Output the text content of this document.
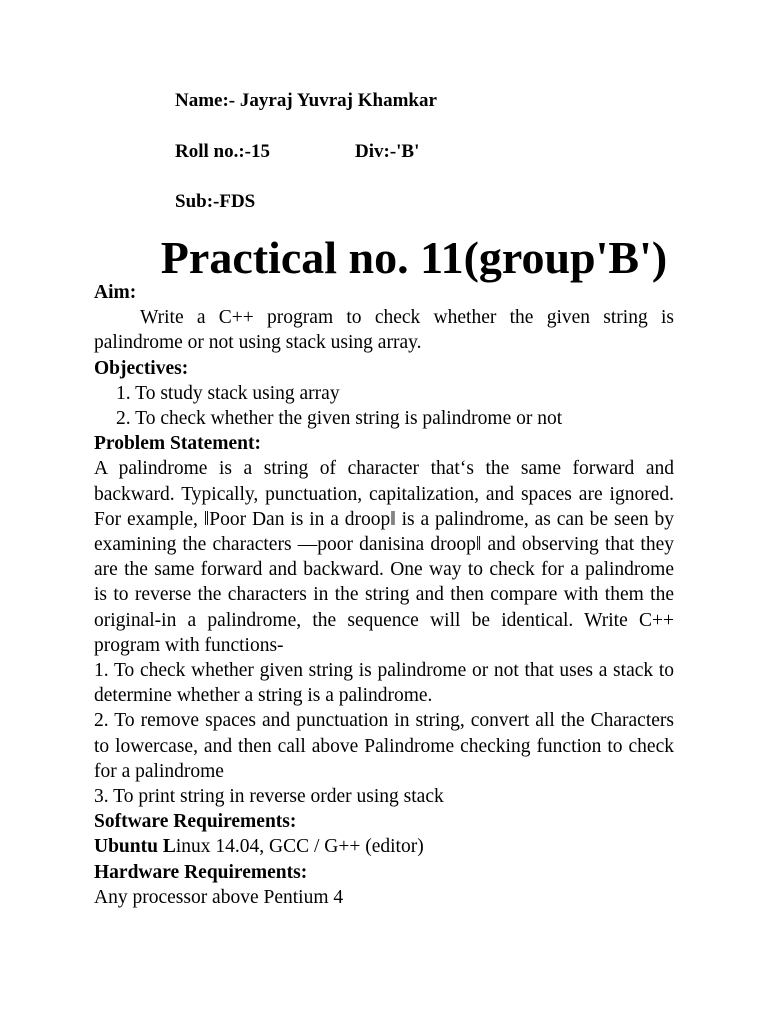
Name:- Jayraj Yuvraj Khamkar
Roll no.:-15	Div:-'B'
Sub:-FDS
Practical no. 11(group'B')

Aim:

Write a C++ program to check whether the given string is palindrome or not using stack using array.

Objectives:

1. To study stack using array

2. To check whether the given string is palindrome or not

Problem Statement:

A palindrome is a string of character that‘s the same forward and backward. Typically, punctuation, capitalization, and spaces are ignored. For example, ‖Poor Dan is in a droop‖ is a palindrome, as can be seen by examining the characters ―poor danisina droop‖ and observing that they are the same forward and backward. One way to check for a palindrome is to reverse the characters in the string and then compare with them the original-in a palindrome, the sequence will be identical. Write C++ program with functions-

1. To check whether given string is palindrome or not that uses a stack to determine whether a string is a palindrome.

2. To remove spaces and punctuation in string, convert all the Characters to lowercase, and then call above Palindrome checking function to check for a palindrome

3. To print string in reverse order using stack

Software Requirements:

Ubuntu Linux 14.04, GCC / G++ (editor)

Hardware Requirements:

Any processor above Pentium 4
